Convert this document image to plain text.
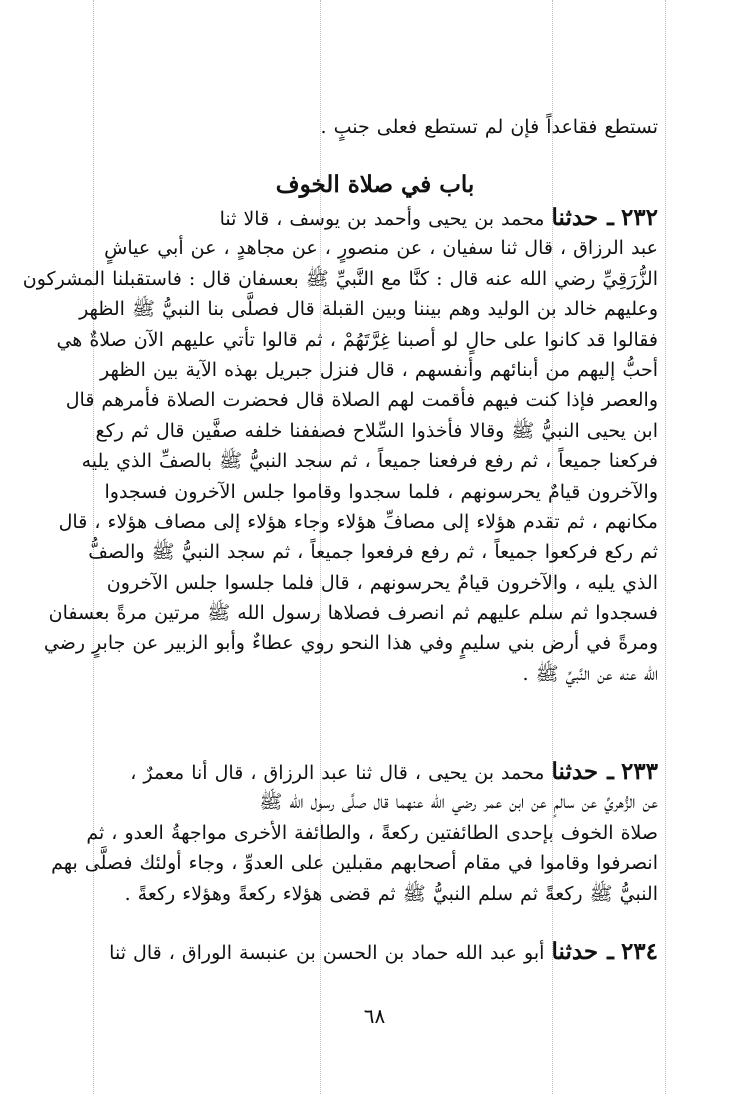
تستطع فقاعداً فإن لم تستطع فعلى جنبٍ .
باب في صلاة الخوف
٢٣٢ ـ حدثنا محمد بن يحيى وأحمد بن يوسف ، قالا ثنا
عبد الرزاق ، قال ثنا سفيان ، عن منصورٍ ، عن مجاهدٍ ، عن أبي عياشٍ
الزُّرَقِيِّ رضي الله عنه قال : كنَّا مع النَّبيِّ ﷺ بعسفان قال : فاستقبلنا المشركون
وعليهم خالد بن الوليد وهم بيننا وبين القبلة قال فصلَّى بنا النبيُّ ﷺ الظهر
فقالوا قد كانوا على حالٍ لو أصبنا غِرَّتَهُمْ ، ثم قالوا تأتي عليهم الآن صلاةٌ هي
أحبُّ إليهم من أبنائهم وأنفسهم ، قال فنزل جبريل بهذه الآية بين الظهر
والعصر فإذا كنت فيهم فأقمت لهم الصلاة قال فحضرت الصلاة فأمرهم قال
ابن يحيى النبيُّ ﷺ وقالا فأخذوا السِّلاح فصففنا خلفه صفَّين قال ثم ركع
فركعنا جميعاً ، ثم رفع فرفعنا جميعاً ، ثم سجد النبيُّ ﷺ بالصفِّ الذي يليه
والآخرون قيامٌ يحرسونهم ، فلما سجدوا وقاموا جلس الآخرون فسجدوا
مكانهم ، ثم تقدم هؤلاء إلى مصافِّ هؤلاء وجاء هؤلاء إلى مصاف هؤلاء ، قال
ثم ركع فركعوا جميعاً ، ثم رفع فرفعوا جميعاً ، ثم سجد النبيُّ ﷺ والصفُّ
الذي يليه ، والآخرون قيامٌ يحرسونهم ، قال فلما جلسوا جلس الآخرون
فسجدوا ثم سلم عليهم ثم انصرف فصلاها رسول الله ﷺ مرتين مرةً بعسفان
ومرةً في أرض بني سليمٍ وفي هذا النحو روي عطاءٌ وأبو الزبير عن جابرٍ رضي
الله عنه عن النَّبيِّ ﷺ .
٢٣٣ ـ حدثنا محمد بن يحيى ، قال ثنا عبد الرزاق ، قال أنا معمرٌ ،
عن الزُّهريِّ عن سالمٍ عن ابن عمر رضي الله عنهما قال صلَّى رسول الله ﷺ
صلاة الخوف بإحدى الطائفتين ركعةً ، والطائفة الأخرى مواجهةُ العدو ، ثم
انصرفوا وقاموا في مقام أصحابهم مقبلين على العدوِّ ، وجاء أولئك فصلَّى بهم
النبيُّ ﷺ ركعةً ثم سلم النبيُّ ﷺ ثم قضى هؤلاء ركعةً وهؤلاء ركعةً .
٢٣٤ ـ حدثنا أبو عبد الله حماد بن الحسن بن عنبسة الوراق ، قال ثنا
٦٨
